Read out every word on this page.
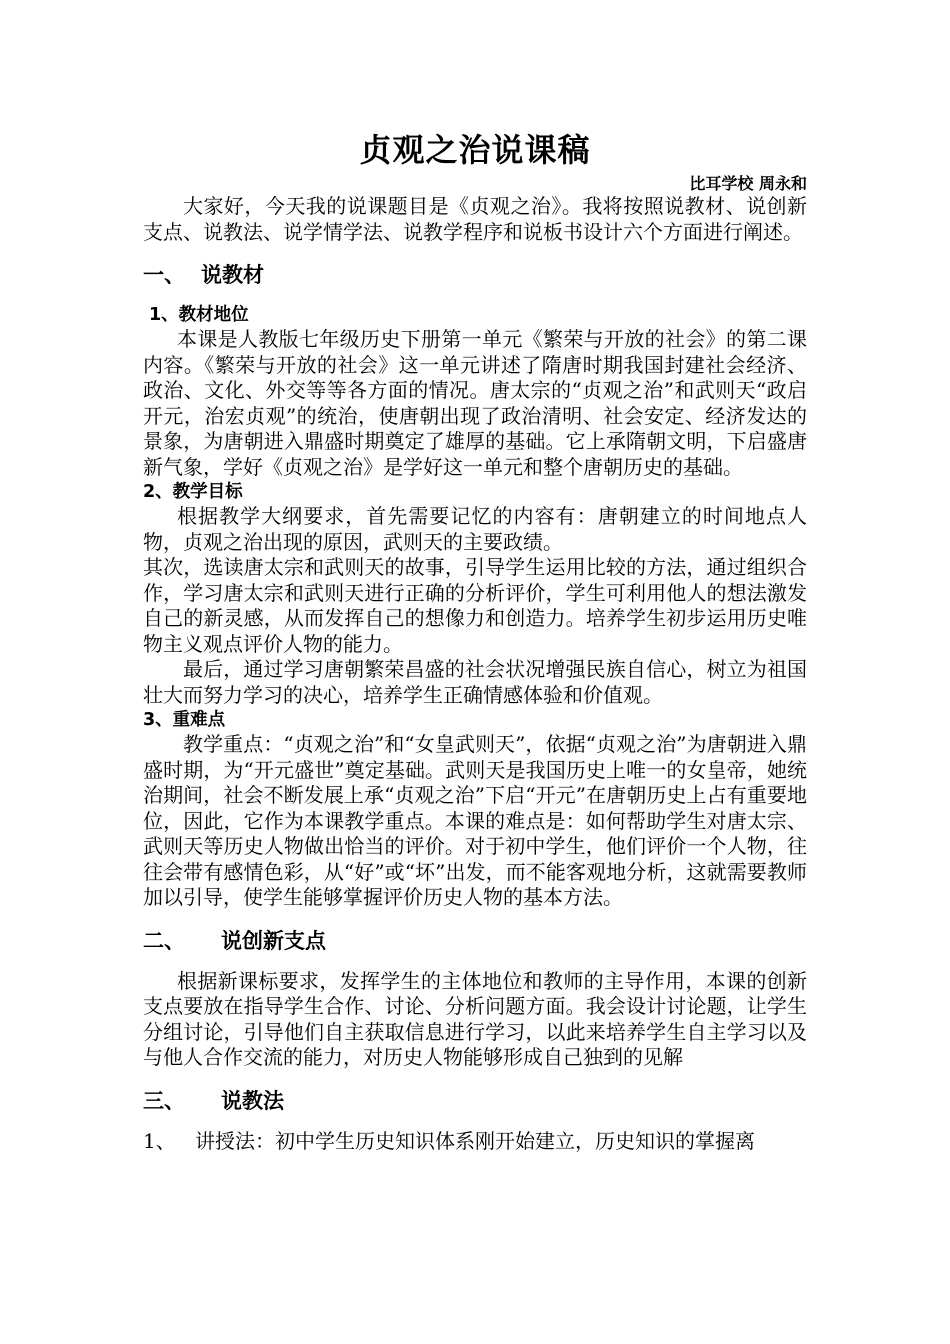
贞观之治说课稿
比耳学校 周永和

大家好，今天我的说课题目是《贞观之治》。我将按照说教材、说创新支点、说教法、说学情学法、说教学程序和说板书设计六个方面进行阐述。

一、 说教材
1、教材地位

本课是人教版七年级历史下册第一单元《繁荣与开放的社会》的第二课内容。《繁荣与开放的社会》这一单元讲述了隋唐时期我国封建社会经济、政治、文化、外交等等各方面的情况。唐太宗的“贞观之治”和武则天“政启开元，治宏贞观”的统治，使唐朝出现了政治清明、社会安定、经济发达的景象，为唐朝进入鼎盛时期奠定了雄厚的基础。它上承隋朝文明，下启盛唐新气象，学好《贞观之治》是学好这一单元和整个唐朝历史的基础。

2、教学目标

根据教学大纲要求，首先需要记忆的内容有：唐朝建立的时间地点人物，贞观之治出现的原因，武则天的主要政绩。

其次，选读唐太宗和武则天的故事，引导学生运用比较的方法，通过组织合作，学习唐太宗和武则天进行正确的分析评价，学生可利用他人的想法激发自己的新灵感，从而发挥自己的想像力和创造力。培养学生初步运用历史唯物主义观点评价人物的能力。

最后，通过学习唐朝繁荣昌盛的社会状况增强民族自信心，树立为祖国壮大而努力学习的决心，培养学生正确情感体验和价值观。

3、重难点

教学重点：“贞观之治”和“女皇武则天”，依据“贞观之治”为唐朝进入鼎盛时期，为“开元盛世”奠定基础。武则天是我国历史上唯一的女皇帝，她统治期间，社会不断发展上承“贞观之治”下启“开元”在唐朝历史上占有重要地位，因此，它作为本课教学重点。本课的难点是：如何帮助学生对唐太宗、武则天等历史人物做出恰当的评价。对于初中学生，他们评价一个人物，往往会带有感情色彩，从“好”或“坏”出发，而不能客观地分析，这就需要教师加以引导，使学生能够掌握评价历史人物的基本方法。

二、 说创新支点

根据新课标要求，发挥学生的主体地位和教师的主导作用，本课的创新支点要放在指导学生合作、讨论、分析问题方面。我会设计讨论题，让学生分组讨论，引导他们自主获取信息进行学习，以此来培养学生自主学习以及与他人合作交流的能力，对历史人物能够形成自己独到的见解

三、 说教法

1、 讲授法：初中学生历史知识体系刚开始建立，历史知识的掌握离
